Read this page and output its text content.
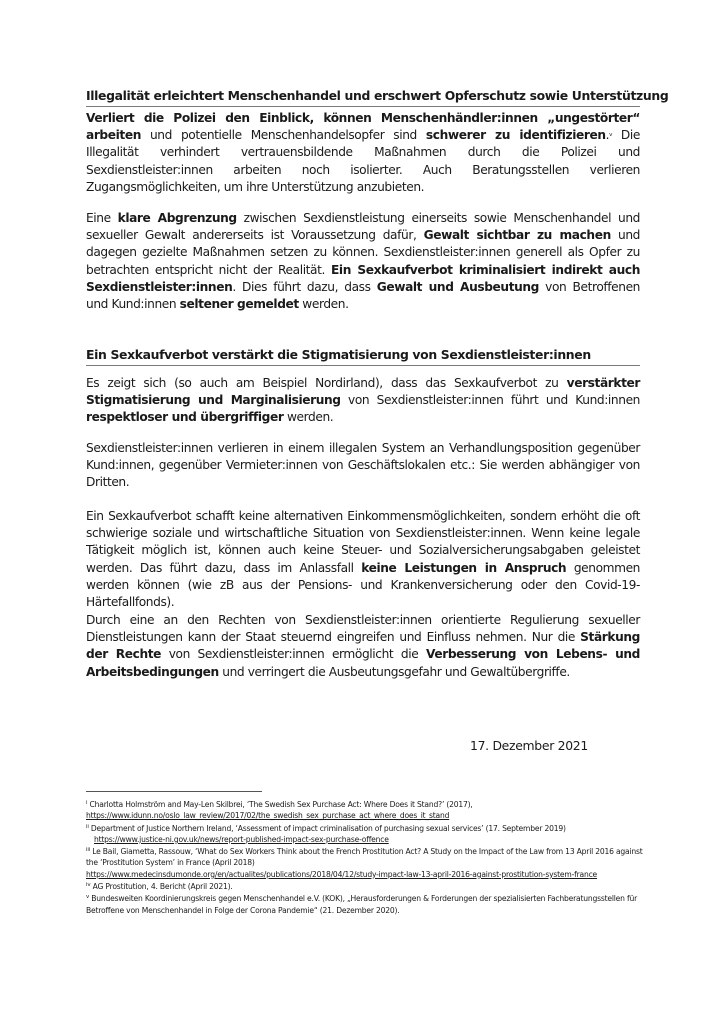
Illegalität erleichtert Menschenhandel und erschwert Opferschutz sowie Unterstützung
Verliert die Polizei den Einblick, können Menschenhändler:innen „ungestörter“ arbeiten und potentielle Menschenhandelsopfer sind schwerer zu identifizieren.$^v$ Die Illegalität verhindert vertrauensbildende Maßnahmen durch die Polizei und Sexdienstleister:innen arbeiten noch isolierter. Auch Beratungsstellen verlieren Zugangsmöglichkeiten, um ihre Unterstützung anzubieten.
Eine klare Abgrenzung zwischen Sexdienstleistung einerseits sowie Menschenhandel und sexueller Gewalt andererseits ist Voraussetzung dafür, Gewalt sichtbar zu machen und dagegen gezielte Maßnahmen setzen zu können. Sexdienstleister:innen generell als Opfer zu betrachten entspricht nicht der Realität. Ein Sexkaufverbot kriminalisiert indirekt auch Sexdienstleister:innen. Dies führt dazu, dass Gewalt und Ausbeutung von Betroffenen und Kund:innen seltener gemeldet werden.
Ein Sexkaufverbot verstärkt die Stigmatisierung von Sexdienstleister:innen
Es zeigt sich (so auch am Beispiel Nordirland), dass das Sexkaufverbot zu verstärkter Stigmatisierung und Marginalisierung von Sexdienstleister:innen führt und Kund:innen respektloser und übergriffiger werden.
Sexdienstleister:innen verlieren in einem illegalen System an Verhandlungsposition gegenüber Kund:innen, gegenüber Vermieter:innen von Geschäftslokalen etc.: Sie werden abhängiger von Dritten.
Ein Sexkaufverbot schafft keine alternativen Einkommensmöglichkeiten, sondern erhöht die oft schwierige soziale und wirtschaftliche Situation von Sexdienstleister:innen. Wenn keine legale Tätigkeit möglich ist, können auch keine Steuer- und Sozialversicherungsabgaben geleistet werden. Das führt dazu, dass im Anlassfall keine Leistungen in Anspruch genommen werden können (wie zB aus der Pensions- und Krankenversicherung oder den Covid-19-Härtefallfonds).
Durch eine an den Rechten von Sexdienstleister:innen orientierte Regulierung sexueller Dienstleistungen kann der Staat steuernd eingreifen und Einfluss nehmen. Nur die Stärkung der Rechte von Sexdienstleister:innen ermöglicht die Verbesserung von Lebens- und Arbeitsbedingungen und verringert die Ausbeutungsgefahr und Gewaltübergriffe.
17. Dezember 2021

$^i$ Charlotta Holmström and May-Len Skilbrei, ‘The Swedish Sex Purchase Act: Where Does it Stand?’ (2017),
https://www.idunn.no/oslo_law_review/2017/02/the_swedish_sex_purchase_act_where_does_it_stand

$^{ii}$ Department of Justice Northern Ireland, ‘Assessment of impact criminalisation of purchasing sexual services’ (17. September 2019)
https://www.justice-ni.gov.uk/news/report-published-impact-sex-purchase-offence

$^{iii}$ Le Bail, Giametta, Rassouw, ‘What do Sex Workers Think about the French Prostitution Act? A Study on the Impact of the Law from 13 April 2016 against the ‘Prostitution System’ in France (April 2018)
https://www.medecinsdumonde.org/en/actualites/publications/2018/04/12/study-impact-law-13-april-2016-against-prostitution-system-france

$^{iv}$ AG Prostitution, 4. Bericht (April 2021).

$^v$ Bundesweiten Koordinierungskreis gegen Menschenhandel e.V. (KOK), „Herausforderungen & Forderungen der spezialisierten Fachberatungsstellen für Betroffene von Menschenhandel in Folge der Corona Pandemie“ (21. Dezember 2020).
